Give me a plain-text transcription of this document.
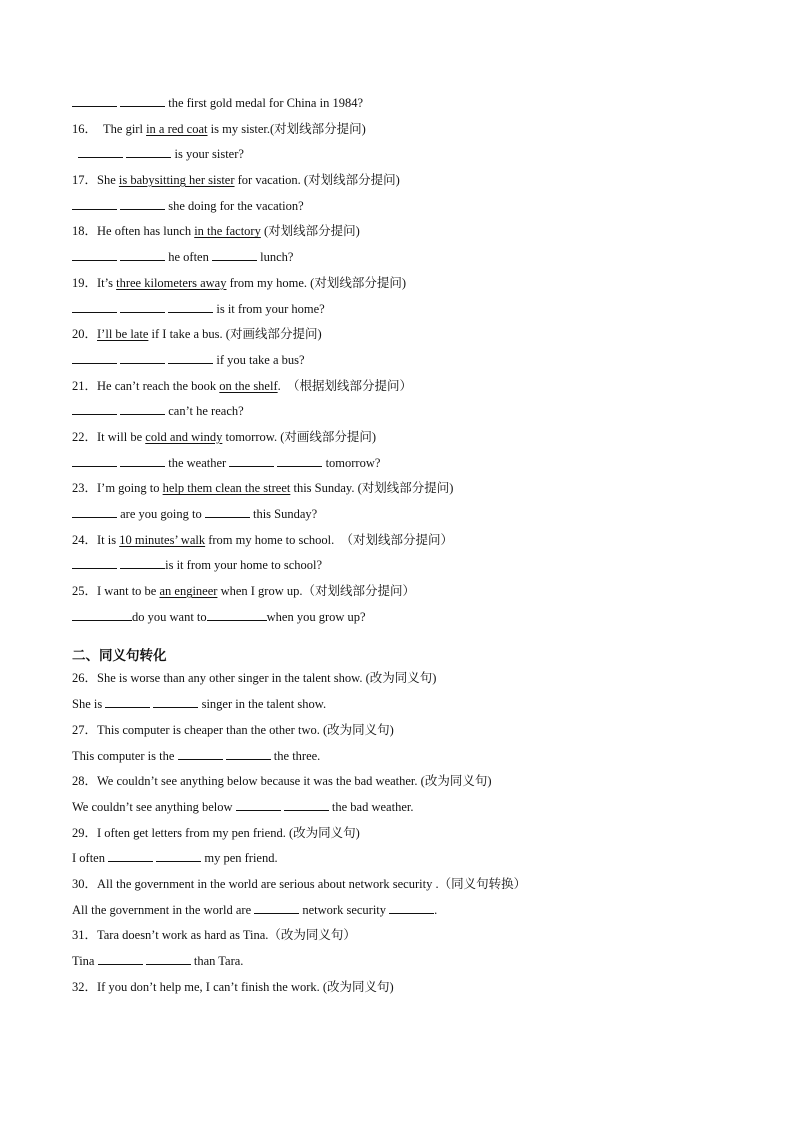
the first gold medal for China in 1984?
16．  The girl in a red coat is my sister.(对划线部分提问)
is your sister?
17．She is babysitting her sister for vacation. (对划线部分提问)
she doing for the vacation?
18．He often has lunch in the factory (对划线部分提问)
he often	lunch?
19．It’s three kilometers away from my home. (对划线部分提问)
is it from your home?
20．I’ll be late if I take a bus. (对画线部分提问)
if you take a bus?
21．He can’t reach the book on the shelf.  （根据划线部分提问）
can’t he reach?
22．It will be cold and windy tomorrow. (对画线部分提问)
the weather	tomorrow?
23．I’m going to help them clean the street this Sunday. (对划线部分提问)
are you going to	this Sunday?
24．It is 10 minutes’ walk from my home to school.  （对划线部分提问）
is it from your home to school?
25．I want to be an engineer when I grow up.（对划线部分提问）
do you want to	when you grow up?
二、同义句转化
26．She is worse than any other singer in the talent show. (改为同义句)
She is	singer in the talent show.
27．This computer is cheaper than the other two. (改为同义句)
This computer is the	the three.
28．We couldn’t see anything below because it was the bad weather. (改为同义句)
We couldn’t see anything below	the bad weather.
29．I often get letters from my pen friend. (改为同义句)
I often	my pen friend.
30．All the government in the world are serious about network security .（同义句转换）
All the government in the world are	network security	.
31．Tara doesn’t work as hard as Tina.（改为同义句）
Tina	than Tara.
32．If you don’t help me, I can’t finish the work. (改为同义句)
